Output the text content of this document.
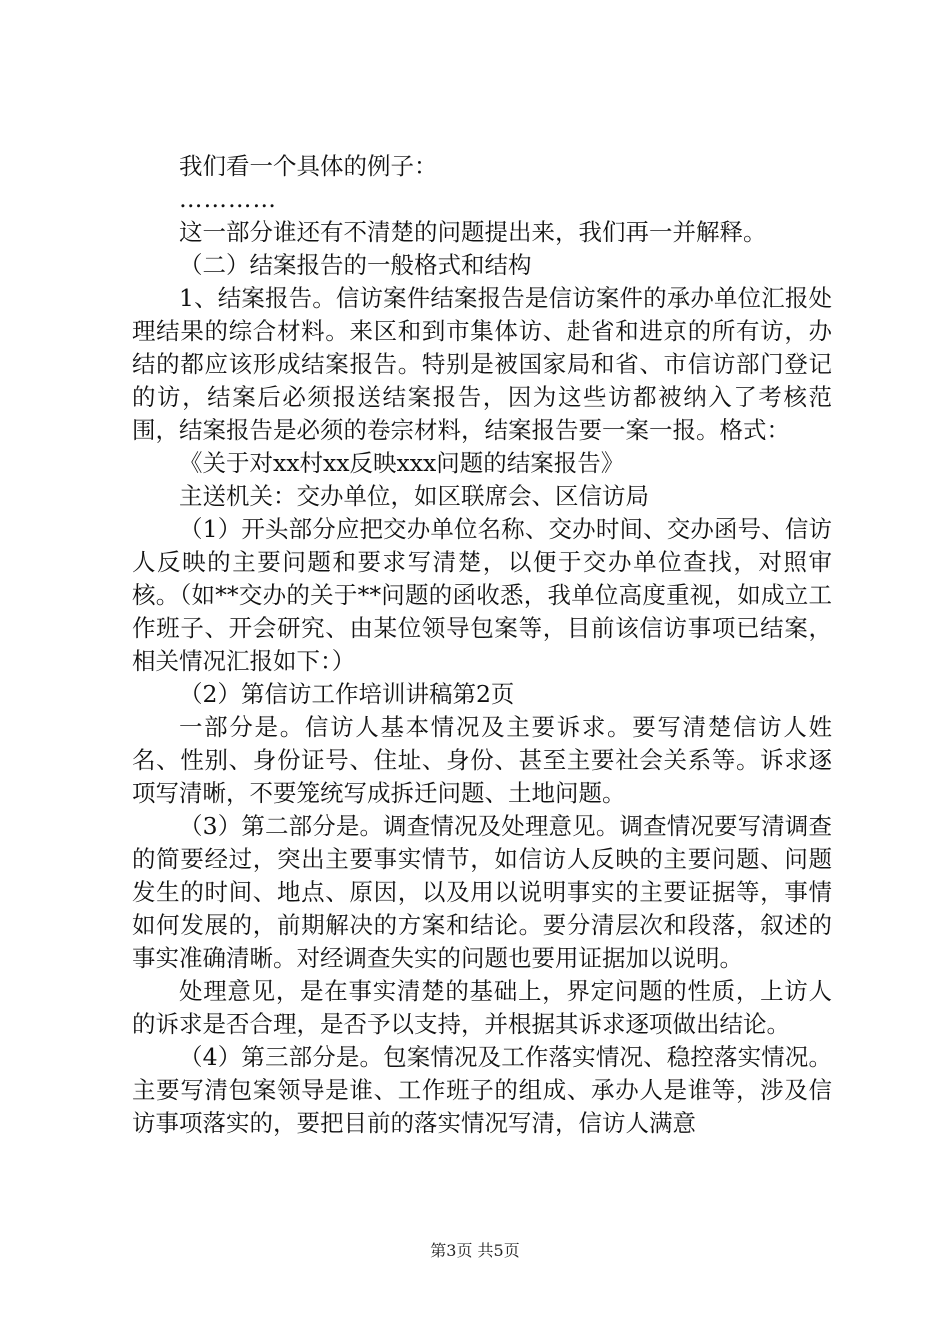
我们看一个具体的例子：

…………

这一部分谁还有不清楚的问题提出来，我们再一并解释。

（二）结案报告的一般格式和结构

1、结案报告。信访案件结案报告是信访案件的承办单位汇报处理结果的综合材料。来区和到市集体访、赴省和进京的所有访，办结的都应该形成结案报告。特别是被国家局和省、市信访部门登记的访，结案后必须报送结案报告，因为这些访都被纳入了考核范围，结案报告是必须的卷宗材料，结案报告要一案一报。格式：

《关于对xx村xx反映xxx问题的结案报告》

主送机关：交办单位，如区联席会、区信访局

（1）开头部分应把交办单位名称、交办时间、交办函号、信访人反映的主要问题和要求写清楚，以便于交办单位查找，对照审核。（如**交办的关于**问题的函收悉，我单位高度重视，如成立工作班子、开会研究、由某位领导包案等，目前该信访事项已结案，相关情况汇报如下：）

（2）第信访工作培训讲稿第2页

一部分是。信访人基本情况及主要诉求。要写清楚信访人姓名、性别、身份证号、住址、身份、甚至主要社会关系等。诉求逐项写清晰，不要笼统写成拆迁问题、土地问题。

（3）第二部分是。调查情况及处理意见。调查情况要写清调查的简要经过，突出主要事实情节，如信访人反映的主要问题、问题发生的时间、地点、原因，以及用以说明事实的主要证据等，事情如何发展的，前期解决的方案和结论。要分清层次和段落，叙述的事实准确清晰。对经调查失实的问题也要用证据加以说明。

处理意见，是在事实清楚的基础上，界定问题的性质，上访人的诉求是否合理，是否予以支持，并根据其诉求逐项做出结论。

（4）第三部分是。包案情况及工作落实情况、稳控落实情况。主要写清包案领导是谁、工作班子的组成、承办人是谁等，涉及信访事项落实的，要把目前的落实情况写清，信访人满意

第3页 共5页
